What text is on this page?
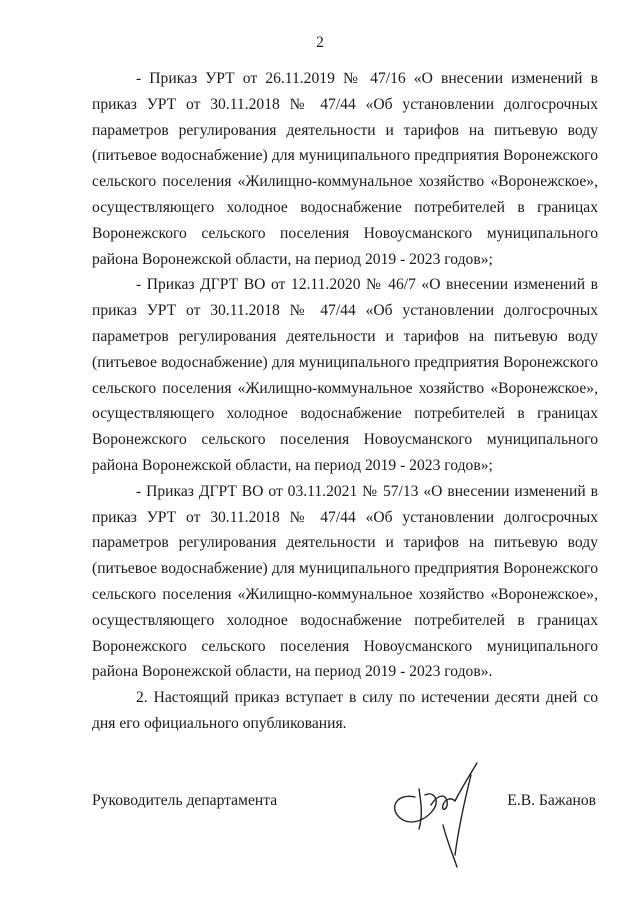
2

- Приказ УРТ от 26.11.2019 № 47/16 «О внесении изменений в приказ УРТ от 30.11.2018 № 47/44 «Об установлении долгосрочных параметров регулирования деятельности и тарифов на питьевую воду (питьевое водоснабжение) для муниципального предприятия Воронежского сельского поселения «Жилищно-коммунальное хозяйство «Воронежское», осуществляющего холодное водоснабжение потребителей в границах Воронежского сельского поселения Новоусманского муниципального района Воронежской области, на период 2019 - 2023 годов»;

- Приказ ДГРТ ВО от 12.11.2020 № 46/7 «О внесении изменений в приказ УРТ от 30.11.2018 № 47/44 «Об установлении долгосрочных параметров регулирования деятельности и тарифов на питьевую воду (питьевое водоснабжение) для муниципального предприятия Воронежского сельского поселения «Жилищно-коммунальное хозяйство «Воронежское», осуществляющего холодное водоснабжение потребителей в границах Воронежского сельского поселения Новоусманского муниципального района Воронежской области, на период 2019 - 2023 годов»;

- Приказ ДГРТ ВО от 03.11.2021 № 57/13 «О внесении изменений в приказ УРТ от 30.11.2018 № 47/44 «Об установлении долгосрочных параметров регулирования деятельности и тарифов на питьевую воду (питьевое водоснабжение) для муниципального предприятия Воронежского сельского поселения «Жилищно-коммунальное хозяйство «Воронежское», осуществляющего холодное водоснабжение потребителей в границах Воронежского сельского поселения Новоусманского муниципального района Воронежской области, на период 2019 - 2023 годов».

2. Настоящий приказ вступает в силу по истечении десяти дней со дня его официального опубликования.

Руководитель департамента	Е.В. Бажанов
